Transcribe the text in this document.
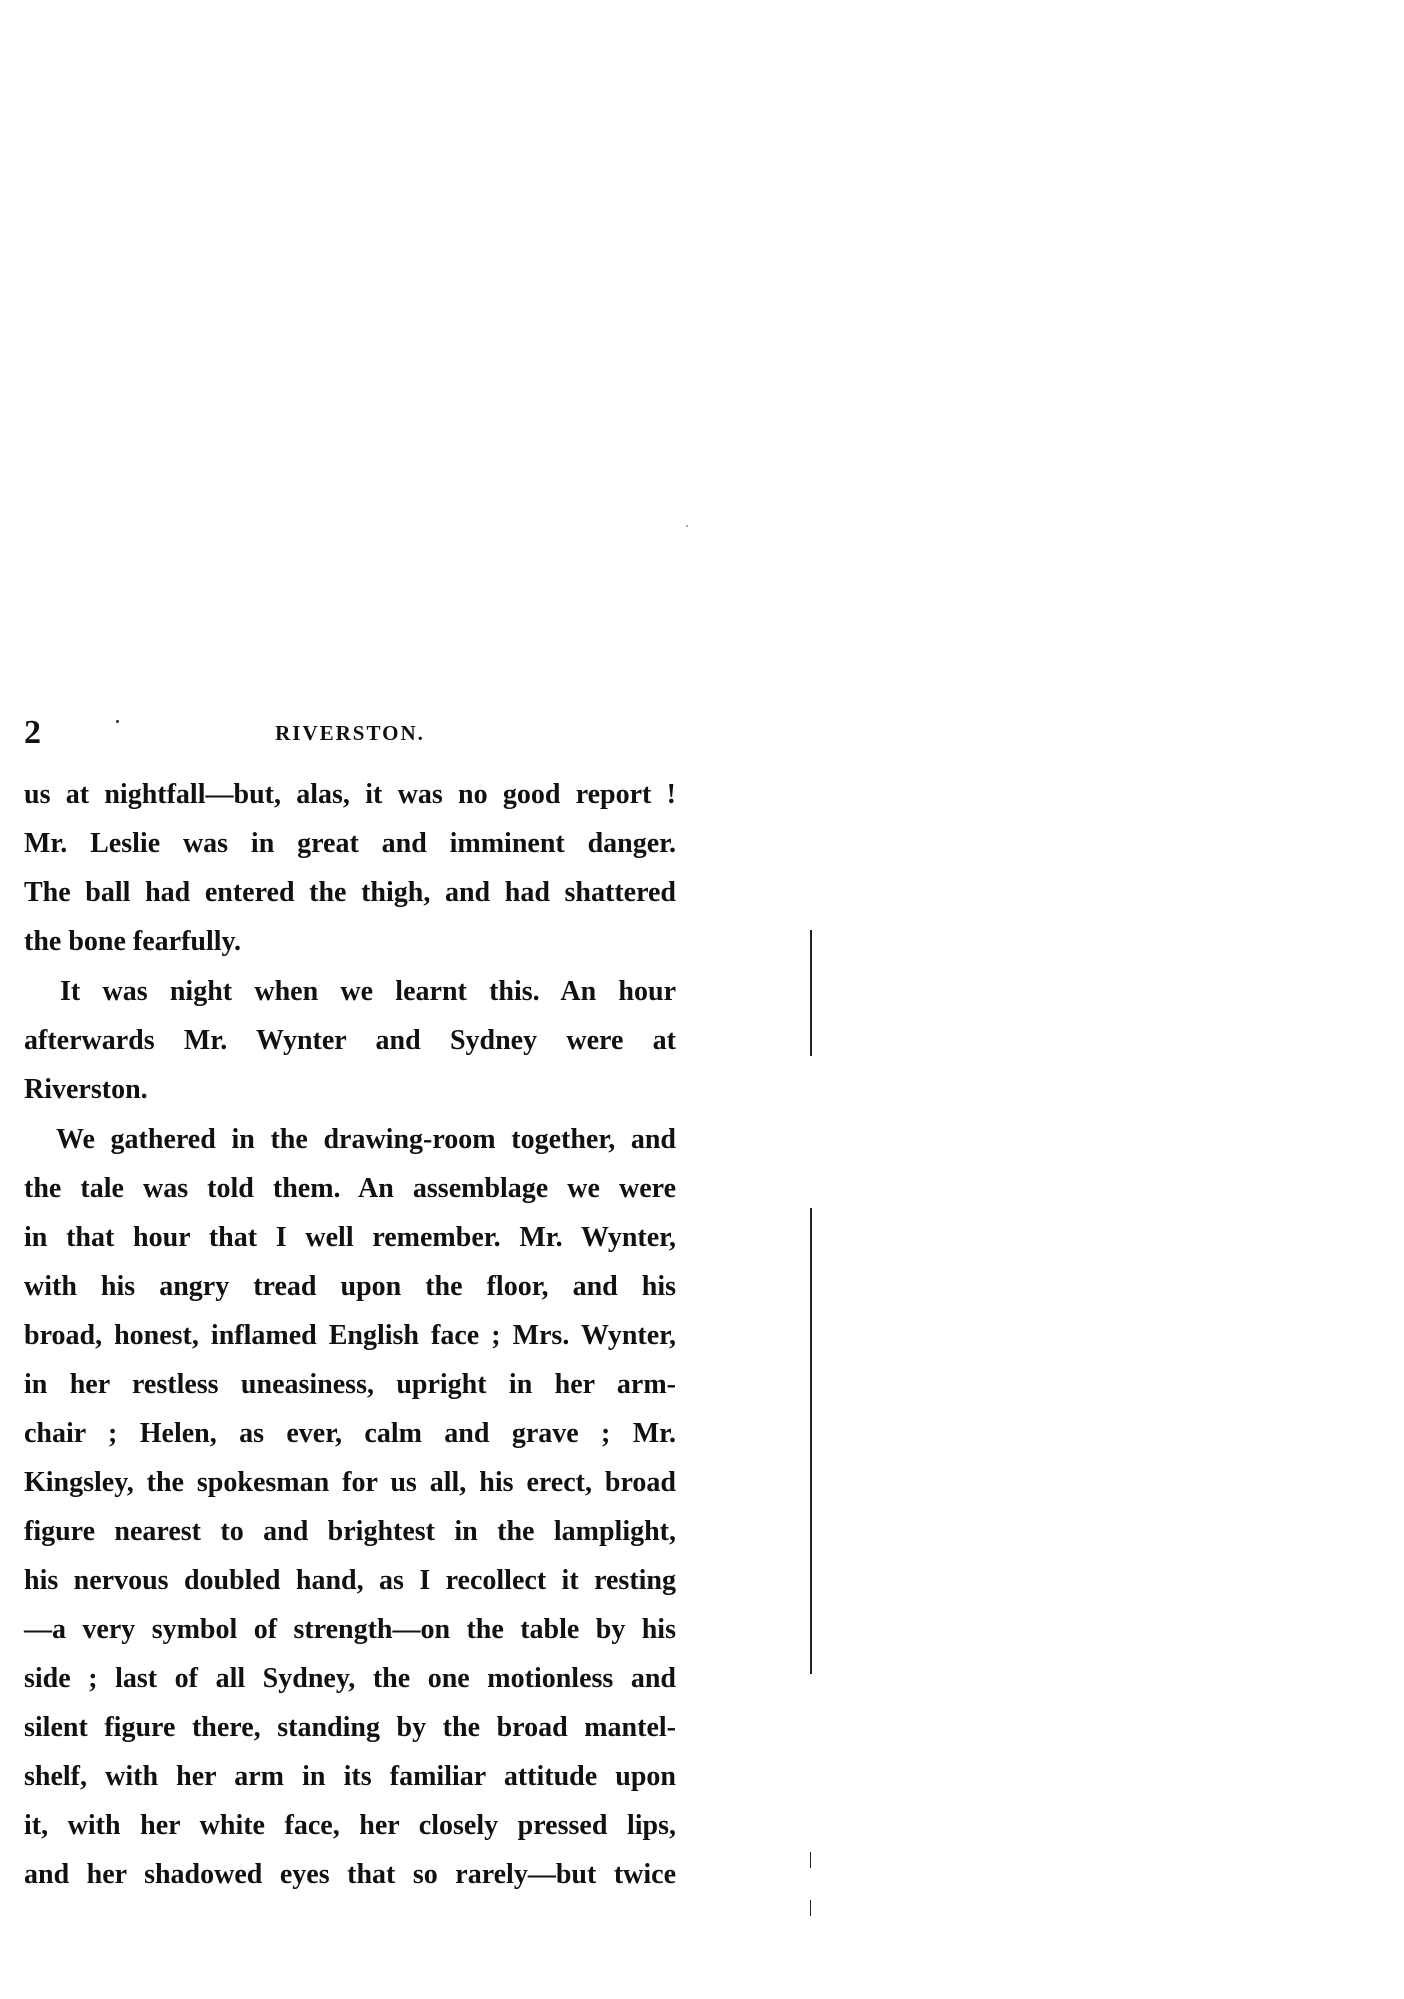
2	RIVERSTON.
us at nightfall—but, alas, it was no good report !
Mr. Leslie was in great and imminent danger.
The ball had entered the thigh, and had shattered
the bone fearfully.
It was night when we learnt this. An hour
afterwards Mr. Wynter and Sydney were at
Riverston.
We gathered in the drawing-room together, and
the tale was told them. An assemblage we were
in that hour that I well remember. Mr. Wynter,
with his angry tread upon the floor, and his
broad, honest, inflamed English face ; Mrs. Wynter,
in her restless uneasiness, upright in her arm-
chair ; Helen, as ever, calm and grave ; Mr.
Kingsley, the spokesman for us all, his erect, broad
figure nearest to and brightest in the lamplight,
his nervous doubled hand, as I recollect it resting
—a very symbol of strength—on the table by his
side ; last of all Sydney, the one motionless and
silent figure there, standing by the broad mantel-
shelf, with her arm in its familiar attitude upon
it, with her white face, her closely pressed lips,
and her shadowed eyes that so rarely—but twice
